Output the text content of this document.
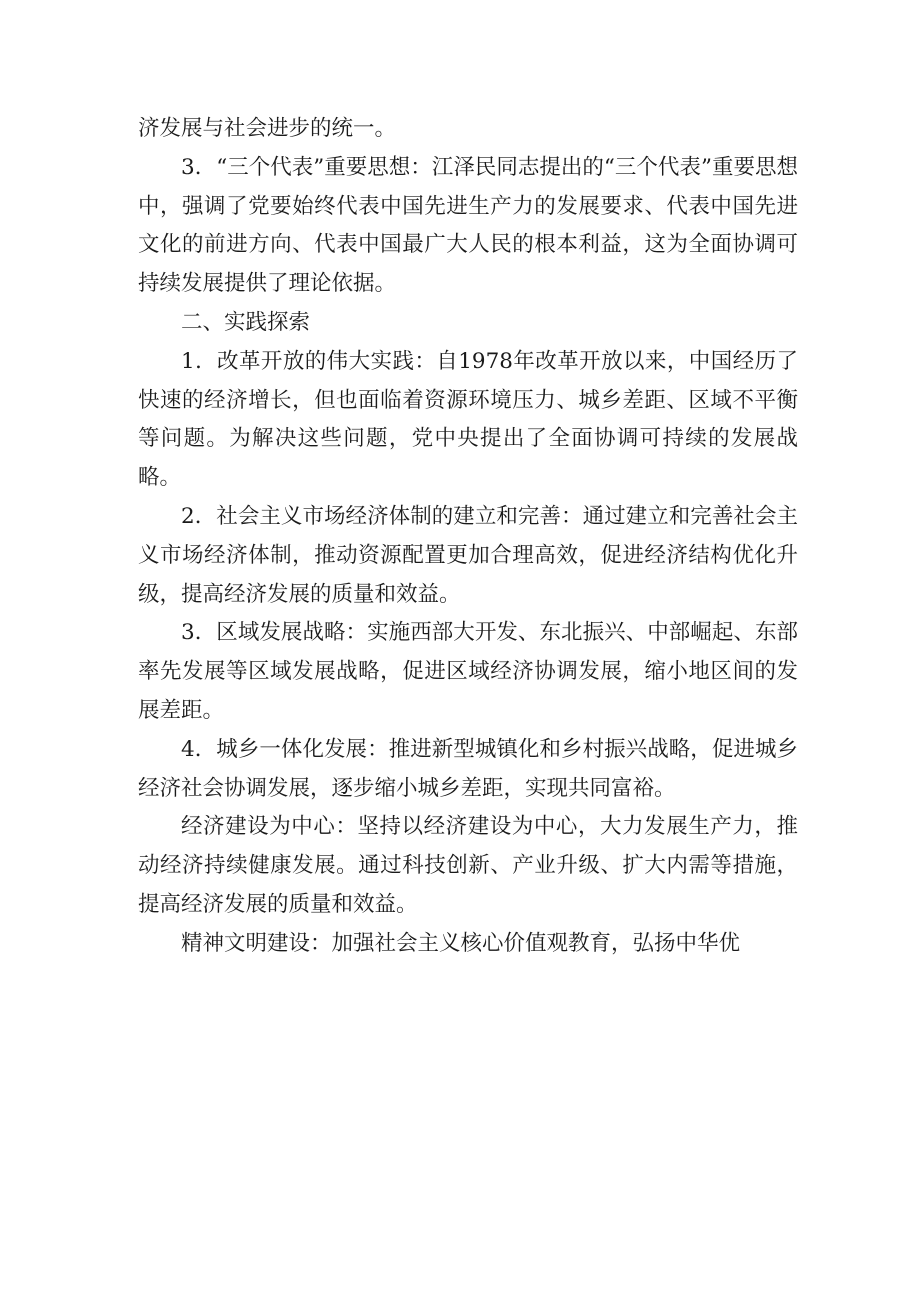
济发展与社会进步的统一。

3．“三个代表”重要思想：江泽民同志提出的“三个代表”重要思想中，强调了党要始终代表中国先进生产力的发展要求、代表中国先进文化的前进方向、代表中国最广大人民的根本利益，这为全面协调可持续发展提供了理论依据。

二、实践探索

1．改革开放的伟大实践：自1978年改革开放以来，中国经历了快速的经济增长，但也面临着资源环境压力、城乡差距、区域不平衡等问题。为解决这些问题，党中央提出了全面协调可持续的发展战略。

2．社会主义市场经济体制的建立和完善：通过建立和完善社会主义市场经济体制，推动资源配置更加合理高效，促进经济结构优化升级，提高经济发展的质量和效益。

3．区域发展战略：实施西部大开发、东北振兴、中部崛起、东部率先发展等区域发展战略，促进区域经济协调发展，缩小地区间的发展差距。

4．城乡一体化发展：推进新型城镇化和乡村振兴战略，促进城乡经济社会协调发展，逐步缩小城乡差距，实现共同富裕。

经济建设为中心：坚持以经济建设为中心，大力发展生产力，推动经济持续健康发展。通过科技创新、产业升级、扩大内需等措施，提高经济发展的质量和效益。

精神文明建设：加强社会主义核心价值观教育，弘扬中华优
